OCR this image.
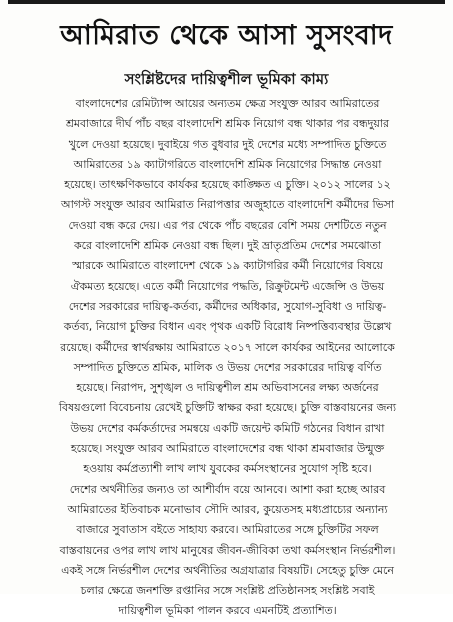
আমিরাত থেকে আসা সুসংবাদ
সংশ্লিষ্টদের দায়িত্বশীল ভূমিকা কাম্য
বাংলাদেশের রেমিট্যান্স আয়ের অন্যতম ক্ষেত্র সংযুক্ত আরব আমিরাতের
শ্রমবাজারে দীর্ঘ পাঁচ বছর বাংলাদেশি শ্রমিক নিয়োগ বন্ধ থাকার পর বন্ধদুয়ার
খুলে দেওয়া হয়েছে। দুবাইয়ে গত বুধবার দুই দেশের মধ্যে সম্পাদিত চুক্তিতে
আমিরাতের ১৯ ক্যাটাগরিতে বাংলাদেশি শ্রমিক নিয়োগের সিদ্ধান্ত নেওয়া
হয়েছে। তাৎক্ষণিকভাবে কার্যকর হয়েছে কাঙ্ক্ষিত এ চুক্তি। ২০১২ সালের ১২
আগস্ট সংযুক্ত আরব আমিরাত নিরাপত্তার অজুহাতে বাংলাদেশি কর্মীদের ভিসা
দেওয়া বন্ধ করে দেয়। এর পর থেকে পাঁচ বছরের বেশি সময় দেশটিতে নতুন
করে বাংলাদেশি শ্রমিক নেওয়া বন্ধ ছিল। দুই ভ্রাতৃপ্রতিম দেশের সমঝোতা
স্মারকে আমিরাতে বাংলাদেশ থেকে ১৯ ক্যাটাগরির কর্মী নিয়োগের বিষয়ে
ঐকমত্য হয়েছে। এতে কর্মী নিয়োগের পদ্ধতি, রিক্রুটমেন্ট এজেন্সি ও উভয়
দেশের সরকারের দায়িত্ব-কর্তব্য, কর্মীদের অধিকার, সুযোগ-সুবিধা ও দায়িত্ব-
কর্তব্য, নিয়োগ চুক্তির বিধান এবং পৃথক একটি বিরোধ নিষ্পত্তিব্যবস্থার উল্লেখ
রয়েছে। কর্মীদের স্বার্থরক্ষায় আমিরাতে ২০১৭ সালে কার্যকর আইনের আলোকে
সম্পাদিত চুক্তিতে শ্রমিক, মালিক ও উভয় দেশের সরকারের দায়িত্ব বর্ণিত
হয়েছে। নিরাপদ, সুশৃঙ্খল ও দায়িত্বশীল শ্রম অভিবাসনের লক্ষ্য অর্জনের
বিষয়গুলো বিবেচনায় রেখেই চুক্তিটি স্বাক্ষর করা হয়েছে। চুক্তি বাস্তবায়নের জন্য
উভয় দেশের কর্মকর্তাদের সমন্বয়ে একটি জয়েন্ট কমিটি গঠনের বিধান রাখা
হয়েছে। সংযুক্ত আরব আমিরাতে বাংলাদেশের বন্ধ থাকা শ্রমবাজার উন্মুক্ত
হওয়ায় কর্মপ্রত্যাশী লাখ লাখ যুবকের কর্মসংস্থানের সুযোগ সৃষ্টি হবে।
দেশের অর্থনীতির জন্যও তা আশীর্বাদ বয়ে আনবে। আশা করা হচ্ছে আরব
আমিরাতের ইতিবাচক মনোভাব সৌদি আরব, কুয়েতসহ মধ্যপ্রাচ্যের অন্যান্য
বাজারে সুবাতাস বইতে সাহায্য করবে। আমিরাতের সঙ্গে চুক্তিটির সফল
বাস্তবায়নের ওপর লাখ লাখ মানুষের জীবন-জীবিকা তথা কর্মসংস্থান নির্ভরশীল।
একই সঙ্গে নির্ভরশীল দেশের অর্থনীতির অগ্রযাত্রার বিষয়টি। সেহেতু চুক্তি মেনে
চলার ক্ষেত্রে জনশক্তি রপ্তানির সঙ্গে সংশ্লিষ্ট প্রতিষ্ঠানসহ সংশ্লিষ্ট সবাই
দায়িত্বশীল ভূমিকা পালন করবে এমনটিই প্রত্যাশিত।
